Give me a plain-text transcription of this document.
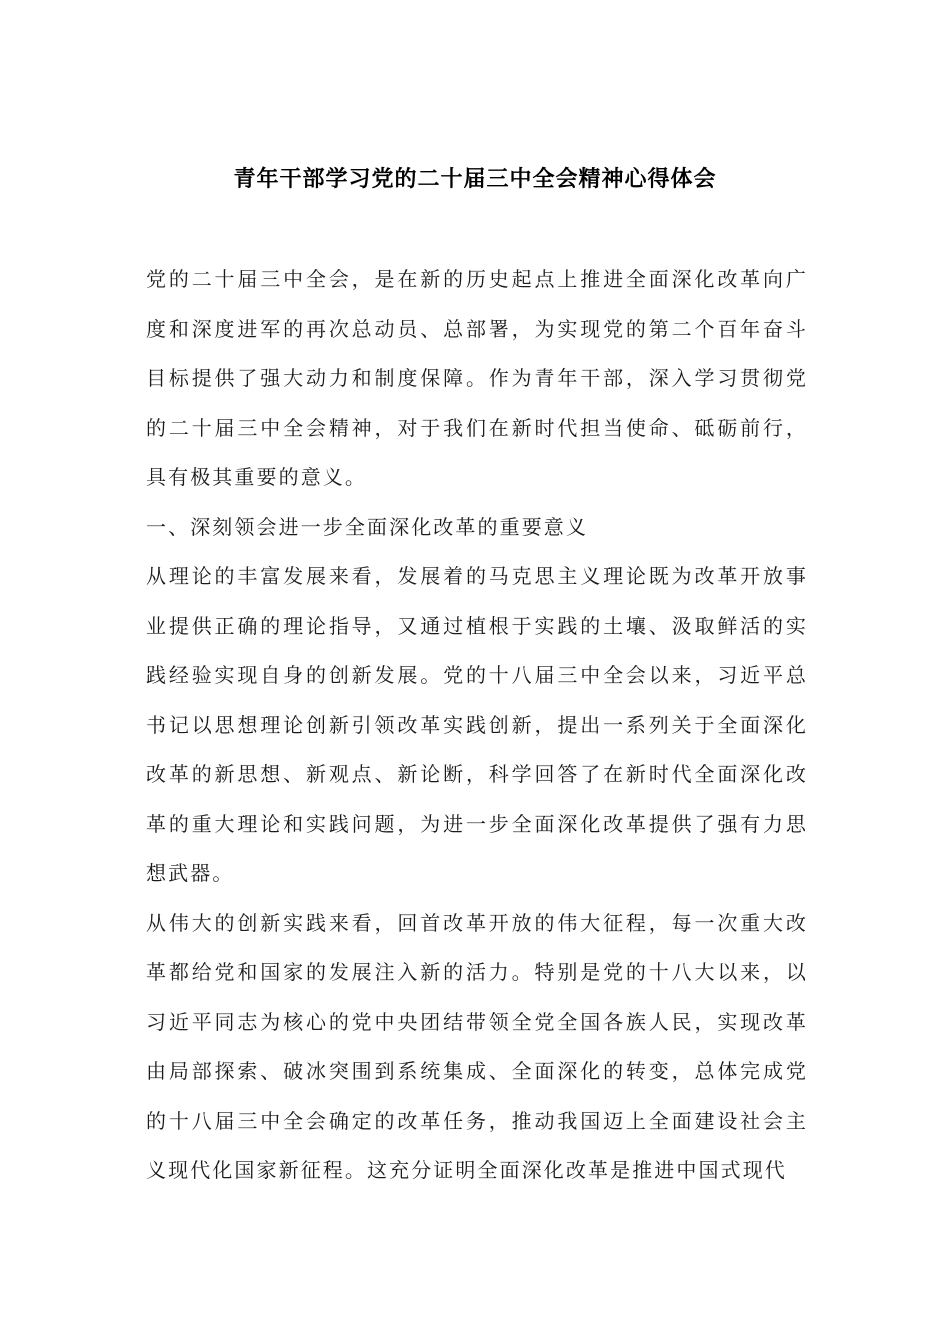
青年干部学习党的二十届三中全会精神心得体会

党的二十届三中全会，是在新的历史起点上推进全面深化改革向广度和深度进军的再次总动员、总部署，为实现党的第二个百年奋斗目标提供了强大动力和制度保障。作为青年干部，深入学习贯彻党的二十届三中全会精神，对于我们在新时代担当使命、砥砺前行，具有极其重要的意义。

一、深刻领会进一步全面深化改革的重要意义

从理论的丰富发展来看，发展着的马克思主义理论既为改革开放事业提供正确的理论指导，又通过植根于实践的土壤、汲取鲜活的实践经验实现自身的创新发展。党的十八届三中全会以来，习近平总书记以思想理论创新引领改革实践创新，提出一系列关于全面深化改革的新思想、新观点、新论断，科学回答了在新时代全面深化改革的重大理论和实践问题，为进一步全面深化改革提供了强有力思想武器。

从伟大的创新实践来看，回首改革开放的伟大征程，每一次重大改革都给党和国家的发展注入新的活力。特别是党的十八大以来，以习近平同志为核心的党中央团结带领全党全国各族人民，实现改革由局部探索、破冰突围到系统集成、全面深化的转变，总体完成党的十八届三中全会确定的改革任务，推动我国迈上全面建设社会主义现代化国家新征程。这充分证明全面深化改革是推进中国式现代
